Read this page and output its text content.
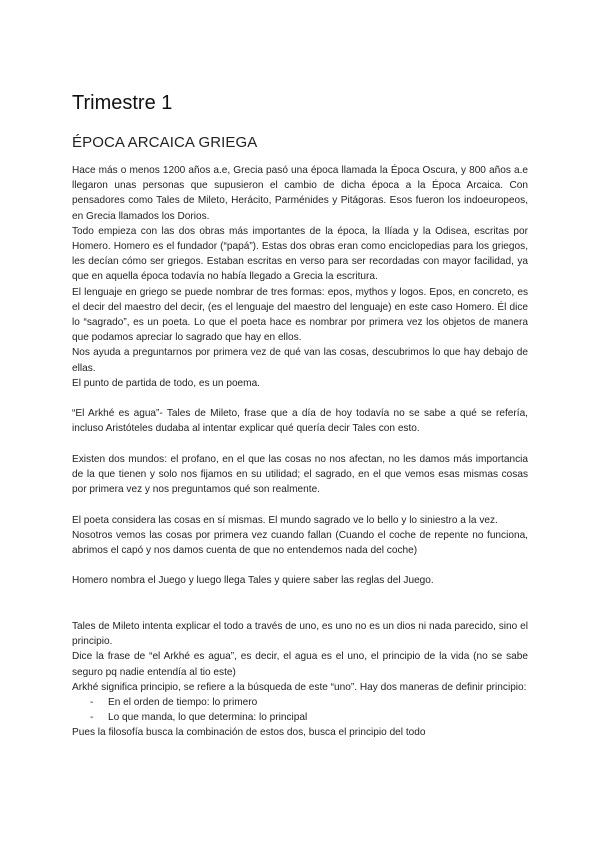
Trimestre 1
ÉPOCA ARCAICA GRIEGA

Hace más o menos 1200 años a.e, Grecia pasó una época llamada la Época Oscura, y 800 años a.e llegaron unas personas que supusieron el cambio de dicha época a la Época Arcaica. Con pensadores como Tales de Mileto, Herácito, Parménides y Pitágoras. Esos fueron los indoeuropeos, en Grecia llamados los Dorios.

Todo empieza con las dos obras más importantes de la época, la Ilíada y la Odisea, escritas por Homero. Homero es el fundador (“papá”). Estas dos obras eran como enciclopedias para los griegos, les decían cómo ser griegos. Estaban escritas en verso para ser recordadas con mayor facilidad, ya que en aquella época todavía no había llegado a Grecia la escritura.

El lenguaje en griego se puede nombrar de tres formas: epos, mythos y logos. Epos, en concreto, es el decir del maestro del decir, (es el lenguaje del maestro del lenguaje) en este caso Homero. Él dice lo “sagrado”, es un poeta. Lo que el poeta hace es nombrar por primera vez los objetos de manera que podamos apreciar lo sagrado que hay en ellos.

Nos ayuda a preguntarnos por primera vez de qué van las cosas, descubrimos lo que hay debajo de ellas.

El punto de partida de todo, es un poema.

“El Arkhé es agua”- Tales de Mileto, frase que a día de hoy todavía no se sabe a qué se refería, incluso Aristóteles dudaba al intentar explicar qué quería decir Tales con esto.

Existen dos mundos: el profano, en el que las cosas no nos afectan, no les damos más importancia de la que tienen y solo nos fijamos en su utilidad; el sagrado, en el que vemos esas mismas cosas por primera vez y nos preguntamos qué son realmente.

El poeta considera las cosas en sí mismas. El mundo sagrado ve lo bello y lo siniestro a la vez.

Nosotros vemos las cosas por primera vez cuando fallan (Cuando el coche de repente no funciona, abrimos el capó y nos damos cuenta de que no entendemos nada del coche)

Homero nombra el Juego y luego llega Tales y quiere saber las reglas del Juego.

Tales de Mileto intenta explicar el todo a través de uno, es uno no es un dios ni nada parecido, sino el principio.

Dice la frase de “el Arkhé es agua”, es decir, el agua es el uno, el principio de la vida (no se sabe seguro pq nadie entendía al tio este)

Arkhé significa principio, se refiere a la búsqueda de este “uno”. Hay dos maneras de definir principio:

- En el orden de tiempo: lo primero
- Lo que manda, lo que determina: lo principal

Pues la filosofía busca la combinación de estos dos, busca el principio del todo
